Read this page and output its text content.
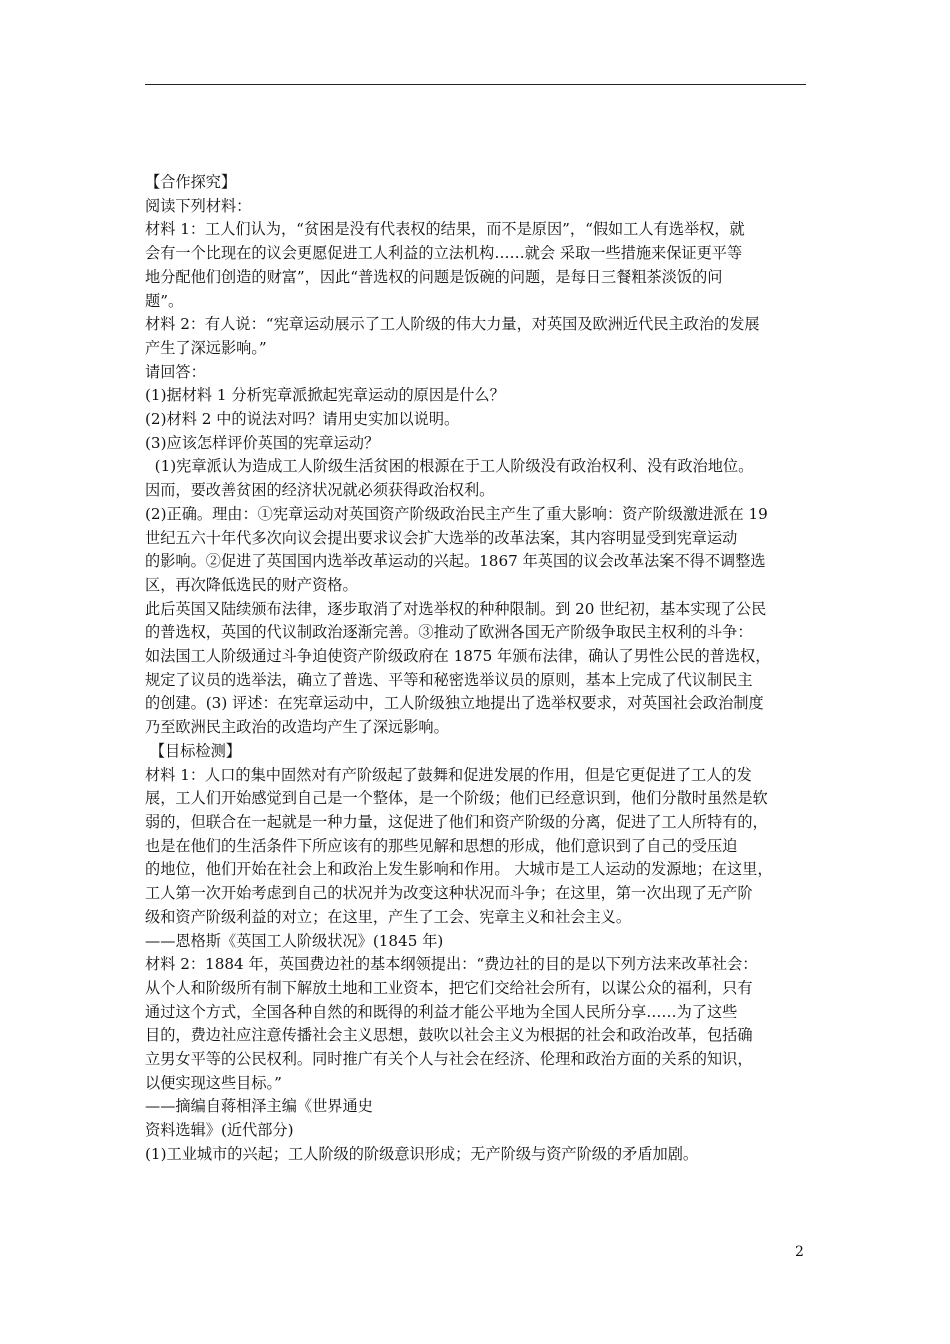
【合作探究】

阅读下列材料：

材料 1：工人们认为，“贫困是没有代表权的结果，而不是原因”，“假如工人有选举权，就

会有一个比现在的议会更愿促进工人利益的立法机构……就会 采取一些措施来保证更平等

地分配他们创造的财富”，因此“普选权的问题是饭碗的问题，是每日三餐粗茶淡饭的问

题”。

材料 2：有人说：“宪章运动展示了工人阶级的伟大力量，对英国及欧洲近代民主政治的发展

产生了深远影响。”

请回答：

(1)据材料 1 分析宪章派掀起宪章运动的原因是什么？

(2)材料 2 中的说法对吗？请用史实加以说明。

(3)应该怎样评价英国的宪章运动？

(1)宪章派认为造成工人阶级生活贫困的根源在于工人阶级没有政治权利、没有政治地位。

因而，要改善贫困的经济状况就必须获得政治权利。

(2)正确。理由：①宪章运动对英国资产阶级政治民主产生了重大影响：资产阶级激进派在 19

世纪五六十年代多次向议会提出要求议会扩大选举的改革法案，其内容明显受到宪章运动

的影响。②促进了英国国内选举改革运动的兴起。1867 年英国的议会改革法案不得不调整选

区，再次降低选民的财产资格。

此后英国又陆续颁布法律，逐步取消了对选举权的种种限制。到 20 世纪初，基本实现了公民

的普选权，英国的代议制政治逐渐完善。③推动了欧洲各国无产阶级争取民主权利的斗争：

如法国工人阶级通过斗争迫使资产阶级政府在 1875 年颁布法律，确认了男性公民的普选权，

规定了议员的选举法，确立了普选、平等和秘密选举议员的原则，基本上完成了代议制民主

的创建。(3) 评述：在宪章运动中，工人阶级独立地提出了选举权要求，对英国社会政治制度

乃至欧洲民主政治的改造均产生了深远影响。

【目标检测】

材料 1：人口的集中固然对有产阶级起了鼓舞和促进发展的作用，但是它更促进了工人的发

展，工人们开始感觉到自己是一个整体，是一个阶级；他们已经意识到，他们分散时虽然是软

弱的，但联合在一起就是一种力量，这促进了他们和资产阶级的分离，促进了工人所特有的，

也是在他们的生活条件下所应该有的那些见解和思想的形成，他们意识到了自己的受压迫

的地位，他们开始在社会上和政治上发生影响和作用。 大城市是工人运动的发源地；在这里，

工人第一次开始考虑到自己的状况并为改变这种状况而斗争；在这里，第一次出现了无产阶

级和资产阶级利益的对立；在这里，产生了工会、宪章主义和社会主义。

——恩格斯《英国工人阶级状况》(1845 年)

材料 2：1884 年，英国费边社的基本纲领提出：“费边社的目的是以下列方法来改革社会：

从个人和阶级所有制下解放土地和工业资本，把它们交给社会所有，以谋公众的福利，只有

通过这个方式，全国各种自然的和既得的利益才能公平地为全国人民所分享……为了这些

目的，费边社应注意传播社会主义思想，鼓吹以社会主义为根据的社会和政治改革，包括确

立男女平等的公民权利。同时推广有关个人与社会在经济、伦理和政治方面的关系的知识，

以便实现这些目标。”

——摘编自蒋相泽主编《世界通史

资料选辑》(近代部分)

(1)工业城市的兴起；工人阶级的阶级意识形成；无产阶级与资产阶级的矛盾加剧。

2
